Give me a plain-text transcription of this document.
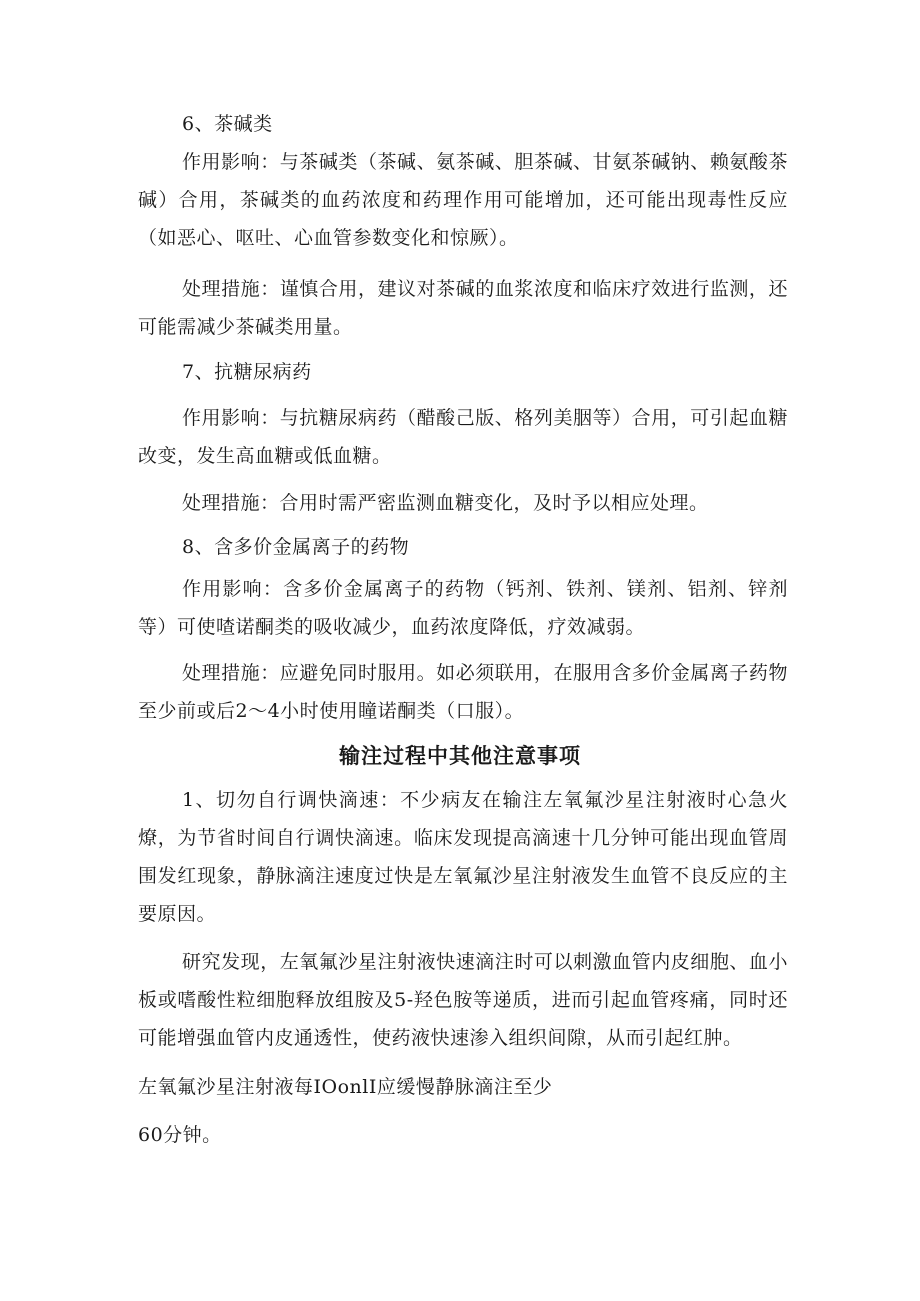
6、茶碱类

作用影响：与茶碱类（茶碱、氨茶碱、胆茶碱、甘氨茶碱钠、赖氨酸茶碱）合用，茶碱类的血药浓度和药理作用可能增加，还可能出现毒性反应（如恶心、呕吐、心血管参数变化和惊厥）。

处理措施：谨慎合用，建议对茶碱的血浆浓度和临床疗效进行监测，还可能需减少茶碱类用量。

7、抗糖尿病药

作用影响：与抗糖尿病药（醋酸己版、格列美胭等）合用，可引起血糖改变，发生高血糖或低血糖。

处理措施：合用时需严密监测血糖变化，及时予以相应处理。

8、含多价金属离子的药物

作用影响：含多价金属离子的药物（钙剂、铁剂、镁剂、铝剂、锌剂等）可使喳诺酮类的吸收减少，血药浓度降低，疗效减弱。

处理措施：应避免同时服用。如必须联用，在服用含多价金属离子药物至少前或后2～4小时使用瞳诺酮类（口服）。

输注过程中其他注意事项

1、切勿自行调快滴速：不少病友在输注左氧氟沙星注射液时心急火燎，为节省时间自行调快滴速。临床发现提高滴速十几分钟可能出现血管周围发红现象，静脉滴注速度过快是左氧氟沙星注射液发生血管不良反应的主要原因。

研究发现，左氧氟沙星注射液快速滴注时可以刺激血管内皮细胞、血小板或嗜酸性粒细胞释放组胺及5-羟色胺等递质，进而引起血管疼痛，同时还可能增强血管内皮通透性，使药液快速渗入组织间隙，从而引起红肿。

左氧氟沙星注射液每IOonlI应缓慢静脉滴注至少

60分钟。
